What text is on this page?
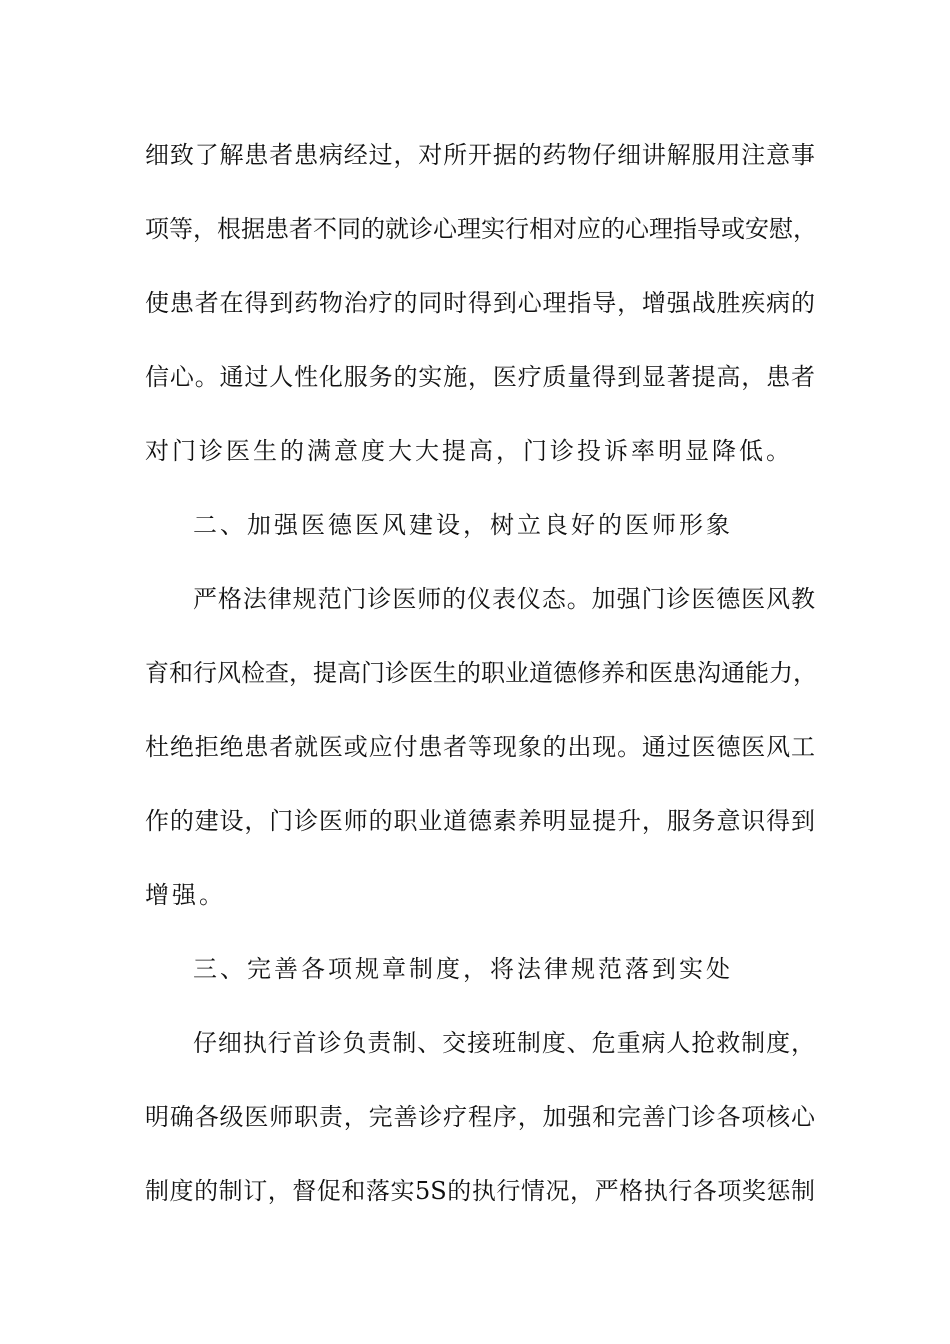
细致了解患者患病经过，对所开据的药物仔细讲解服用注意事

项等，根据患者不同的就诊心理实行相对应的心理指导或安慰，

使患者在得到药物治疗的同时得到心理指导，增强战胜疾病的

信心。通过人性化服务的实施，医疗质量得到显著提高，患者

对门诊医生的满意度大大提高，门诊投诉率明显降低。

二、加强医德医风建设，树立良好的医师形象

严格法律规范门诊医师的仪表仪态。加强门诊医德医风教

育和行风检查，提高门诊医生的职业道德修养和医患沟通能力，

杜绝拒绝患者就医或应付患者等现象的出现。通过医德医风工

作的建设，门诊医师的职业道德素养明显提升，服务意识得到

增强。

三、完善各项规章制度，将法律规范落到实处

仔细执行首诊负责制、交接班制度、危重病人抢救制度，

明确各级医师职责，完善诊疗程序，加强和完善门诊各项核心

制度的制订，督促和落实5S的执行情况，严格执行各项奖惩制
